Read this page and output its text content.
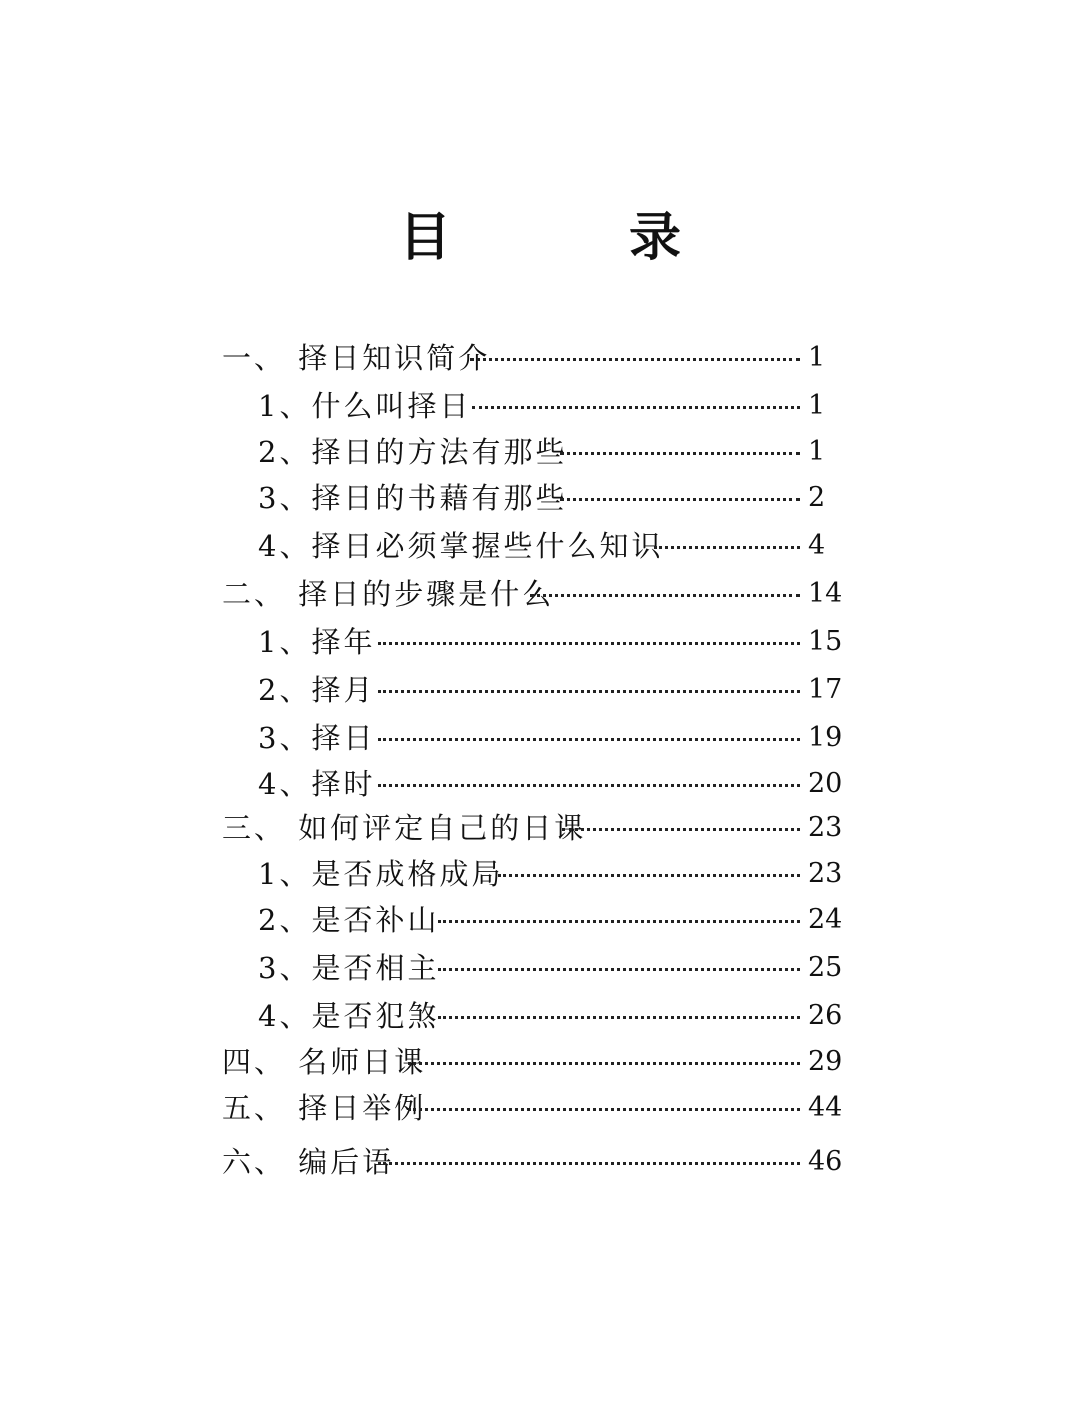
目 录
一、 择日知识简介	1
1、什么叫择日	1
2、择日的方法有那些	1
3、择日的书藉有那些	2
4、择日必须掌握些什么知识	4
二、 择日的步骤是什么	14
1、择年	15
2、择月	17
3、择日	19
4、择时	20
三、 如何评定自己的日课	23
1、是否成格成局	23
2、是否补山	24
3、是否相主	25
4、是否犯煞	26
四、 名师日课	29
五、 择日举例	44
六、 编后语	46
